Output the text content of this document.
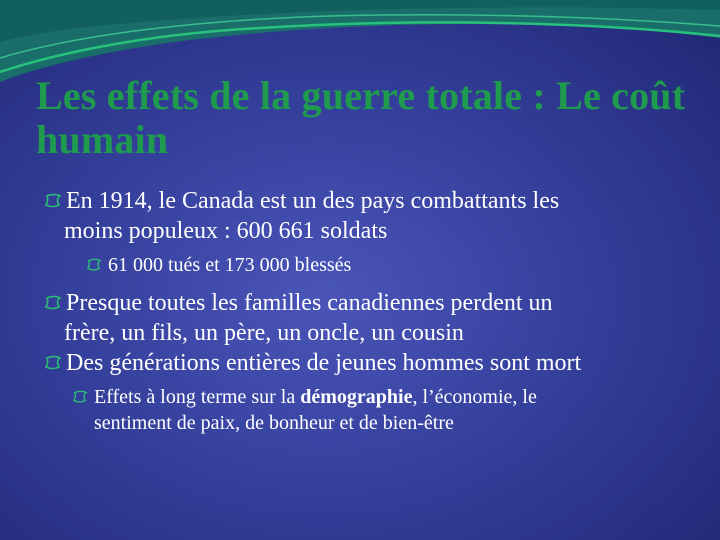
Les effets de la guerre totale : Le coût humain

En 1914, le Canada est un des pays combattants les

moins populeux : 600 661 soldats

61 000 tués et 173 000 blessés

Presque toutes les familles canadiennes perdent un

frère, un fils, un père, un oncle, un cousin

Des générations entières de jeunes hommes sont mort

Effets à long terme sur la démographie, l’économie, le
sentiment de paix, de bonheur et de bien-être
